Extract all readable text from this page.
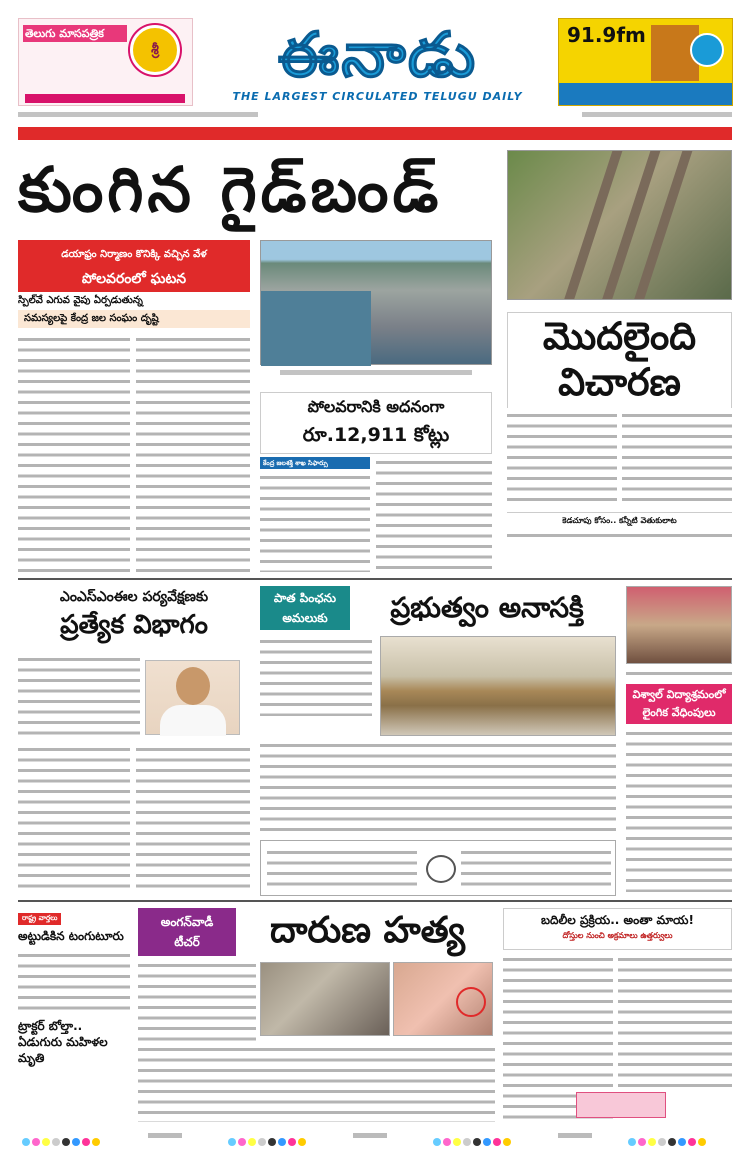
తెలుగు మాసపత్రిక
శ్రీ
	ఈనాడు
THE LARGEST CIRCULATED TELUGU DAILY
91.9fm

కుంగిన గైడ్‌బండ్
డయాఫ్రం నిర్మాణం కొనిక్కి వచ్చిన వేళ
పోలవరంలో ఘటన
స్పిల్‌వే ఎగువ వైపు ఏర్పడుతున్న
సమస్యలపై కేంద్ర జల సంఘం దృష్టి
పోలవరానికి అదనంగా
రూ.12,911 కోట్లు
కేంద్ర జలశక్తి శాఖ సిఫార్సు
మొదలైంది
విచారణ
కెడచూపు కోసం.. కన్నీటి వెతుకులాట
ఎంఎస్‌ఎంఈల పర్యవేక్షణకు
ప్రత్యేక విభాగం
పాత పింఛను
అమలుకు	ప్రభుత్వం అనాసక్తి
విశ్వాల్ విద్యాశ్రమంలో
లైంగిక వేధింపులు
రాష్ట్ర వార్తలు
అట్టుడికిన టంగుటూరు
ట్రాక్టర్ బోల్తా.. ఏడుగురు మహిళల మృతి
అంగన్‌వాడీ
టీచర్	దారుణ హత్య	బదిలీల ప్రక్రియ.. అంతా మాయ!
దోస్తుల నుంచి అక్రమాలు ఉత్తర్వులు
